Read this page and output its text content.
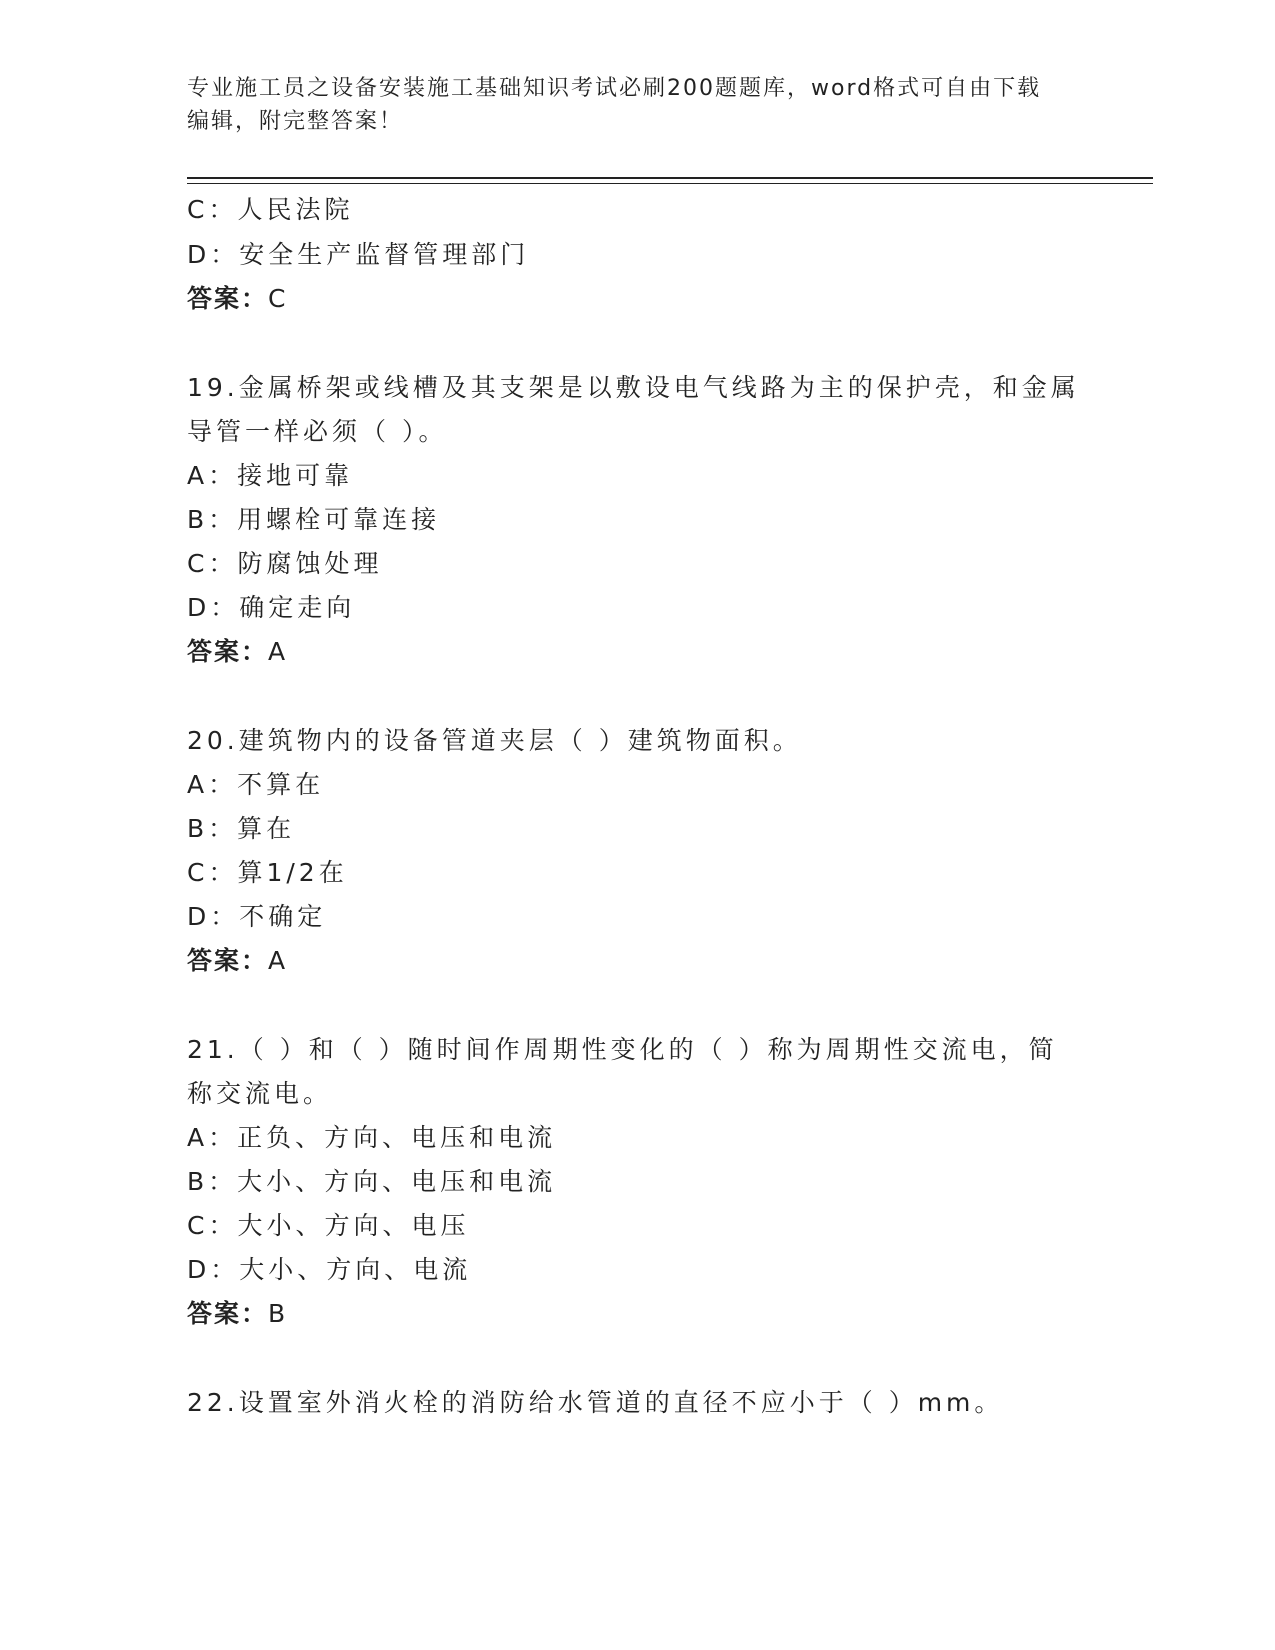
专业施工员之设备安装施工基础知识考试必刷200题题库，word格式可自由下载
编辑，附完整答案！
C：人民法院
D：安全生产监督管理部门
答案：C
19.金属桥架或线槽及其支架是以敷设电气线路为主的保护壳，和金属
导管一样必须（ ）。
A：接地可靠
B：用螺栓可靠连接
C：防腐蚀处理
D：确定走向
答案：A
20.建筑物内的设备管道夹层（ ）建筑物面积。
A：不算在
B：算在
C：算1/2在
D：不确定
答案：A
21.（ ）和（ ）随时间作周期性变化的（ ）称为周期性交流电，简
称交流电。
A：正负、方向、电压和电流
B：大小、方向、电压和电流
C：大小、方向、电压
D：大小、方向、电流
答案：B
22.设置室外消火栓的消防给水管道的直径不应小于（ ）mm。
